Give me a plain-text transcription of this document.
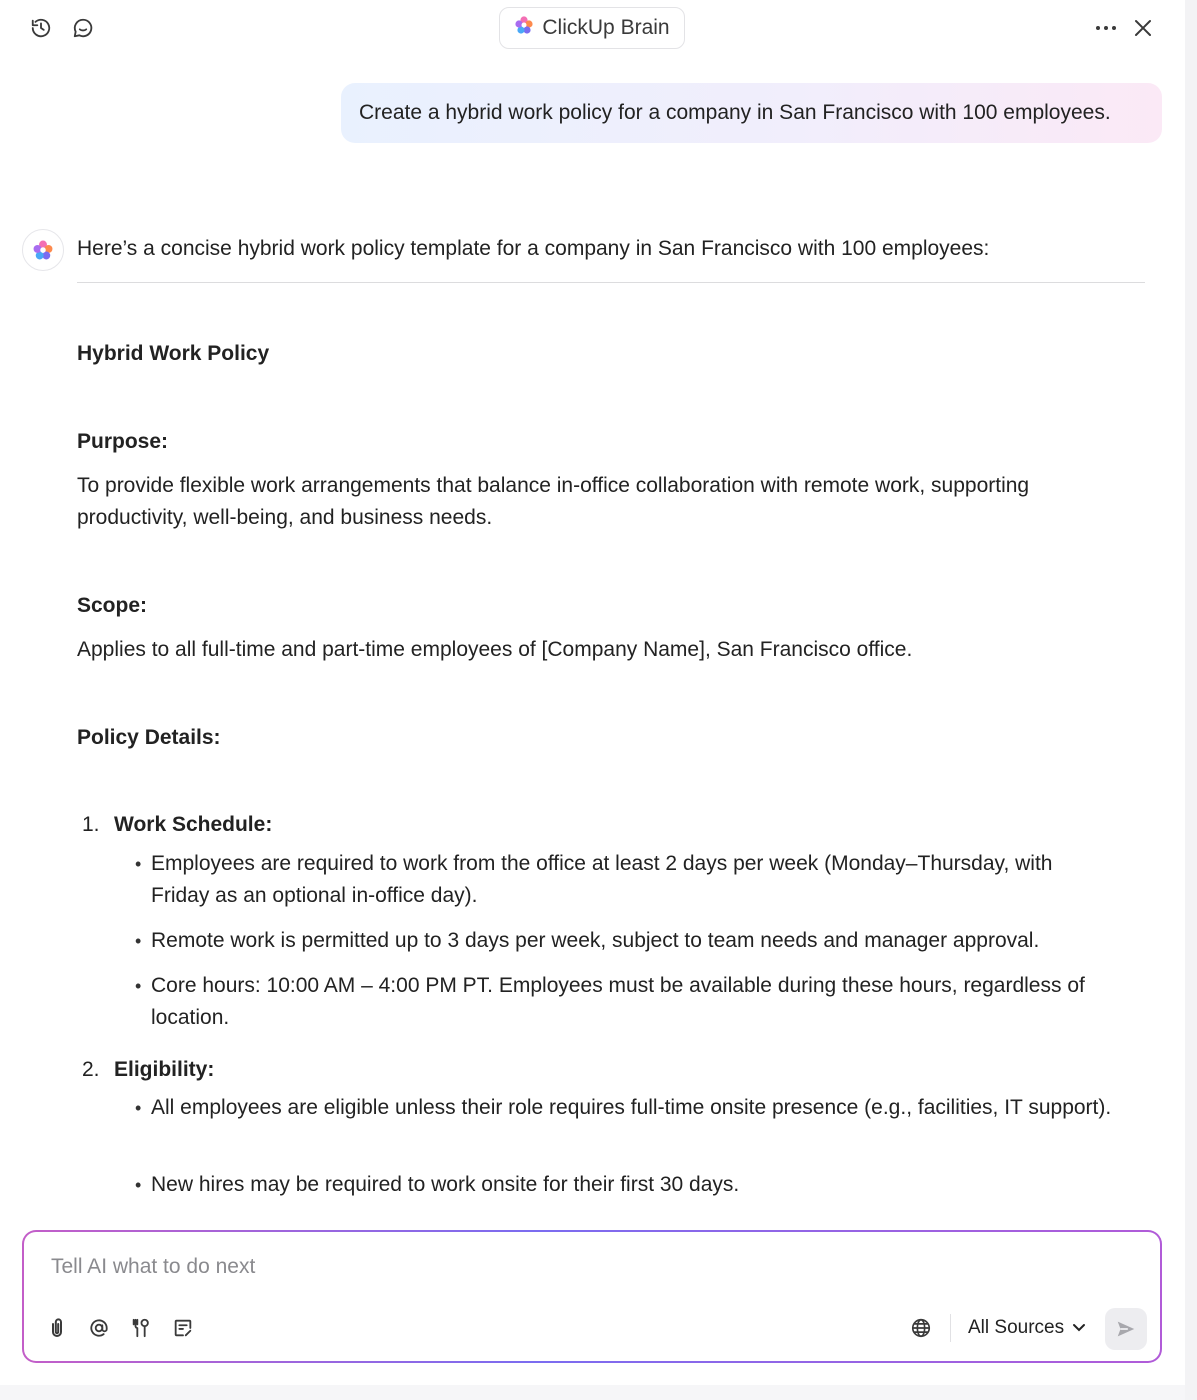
ClickUp Brain
Create a hybrid work policy for a company in San Francisco with 100 employees.
Here’s a concise hybrid work policy template for a company in San Francisco with 100 employees:
Hybrid Work Policy
Purpose:
To provide flexible work arrangements that balance in-office collaboration with remote work, supporting productivity, well-being, and business needs.
Scope:
Applies to all full-time and part-time employees of [Company Name], San Francisco office.
Policy Details:
1. Work Schedule:
• Employees are required to work from the office at least 2 days per week (Monday–Thursday, with Friday as an optional in-office day).
• Remote work is permitted up to 3 days per week, subject to team needs and manager approval.
• Core hours: 10:00 AM – 4:00 PM PT. Employees must be available during these hours, regardless of location.
2. Eligibility:
• All employees are eligible unless their role requires full-time onsite presence (e.g., facilities, IT support).
• New hires may be required to work onsite for their first 30 days.
Tell AI what to do next
All Sources
